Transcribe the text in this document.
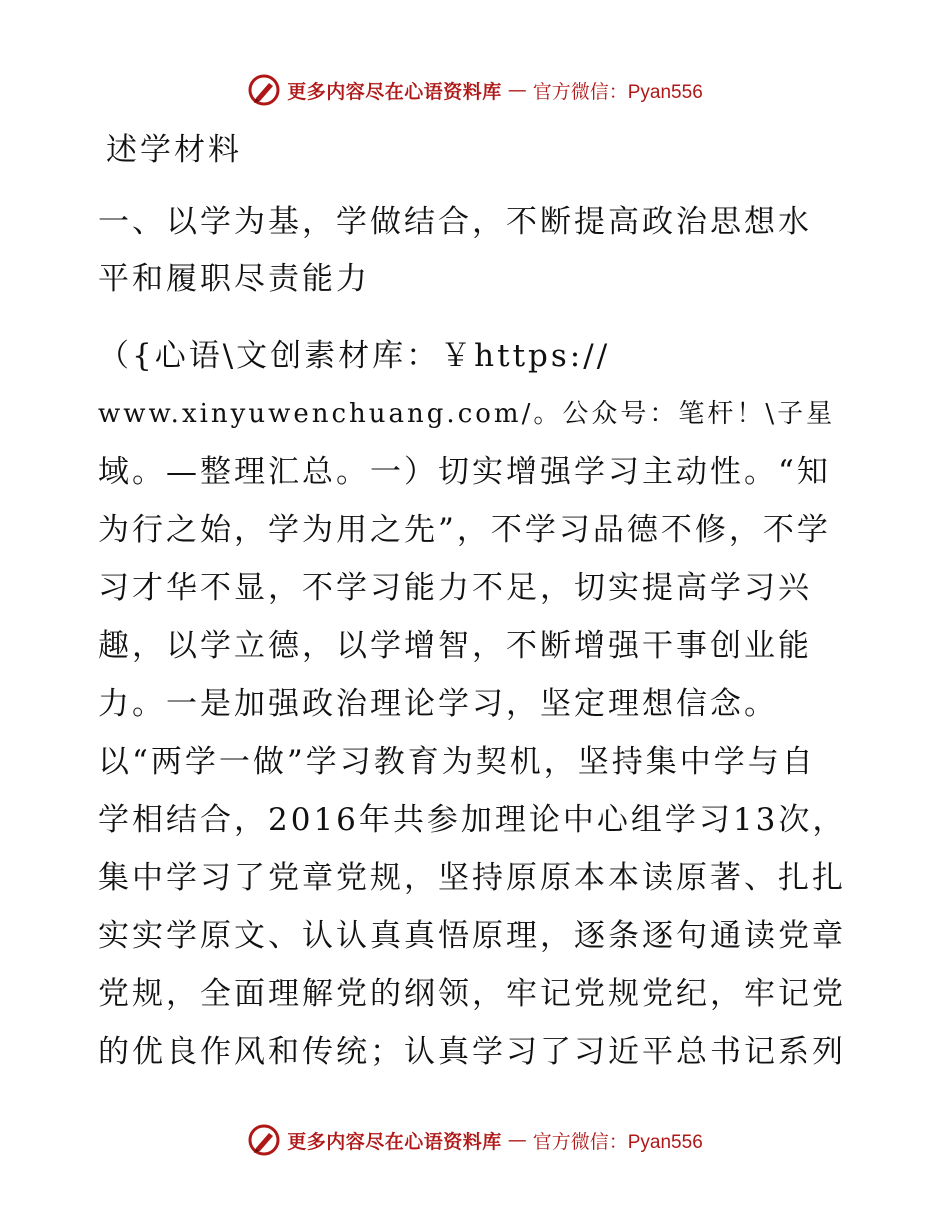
更多内容尽在心语资料库 — 官方微信：Pyan556
述学材料
一、以学为基，学做结合，不断提高政治思想水
平和履职尽责能力
（{心语\文创素材库：￥https://
www.xinyuwenchuang.com/。公众号：笔杆！\子星
域。—整理汇总。一）切实增强学习主动性。“知
为行之始，学为用之先”，不学习品德不修，不学
习才华不显，不学习能力不足，切实提高学习兴
趣，以学立德，以学增智，不断增强干事创业能
力。一是加强政治理论学习，坚定理想信念。
以“两学一做”学习教育为契机，坚持集中学与自
学相结合，2016年共参加理论中心组学习13次，
集中学习了党章党规，坚持原原本本读原著、扎扎
实实学原文、认认真真悟原理，逐条逐句通读党章
党规，全面理解党的纲领，牢记党规党纪，牢记党
的优良作风和传统；认真学习了习近平总书记系列
更多内容尽在心语资料库 — 官方微信：Pyan556
